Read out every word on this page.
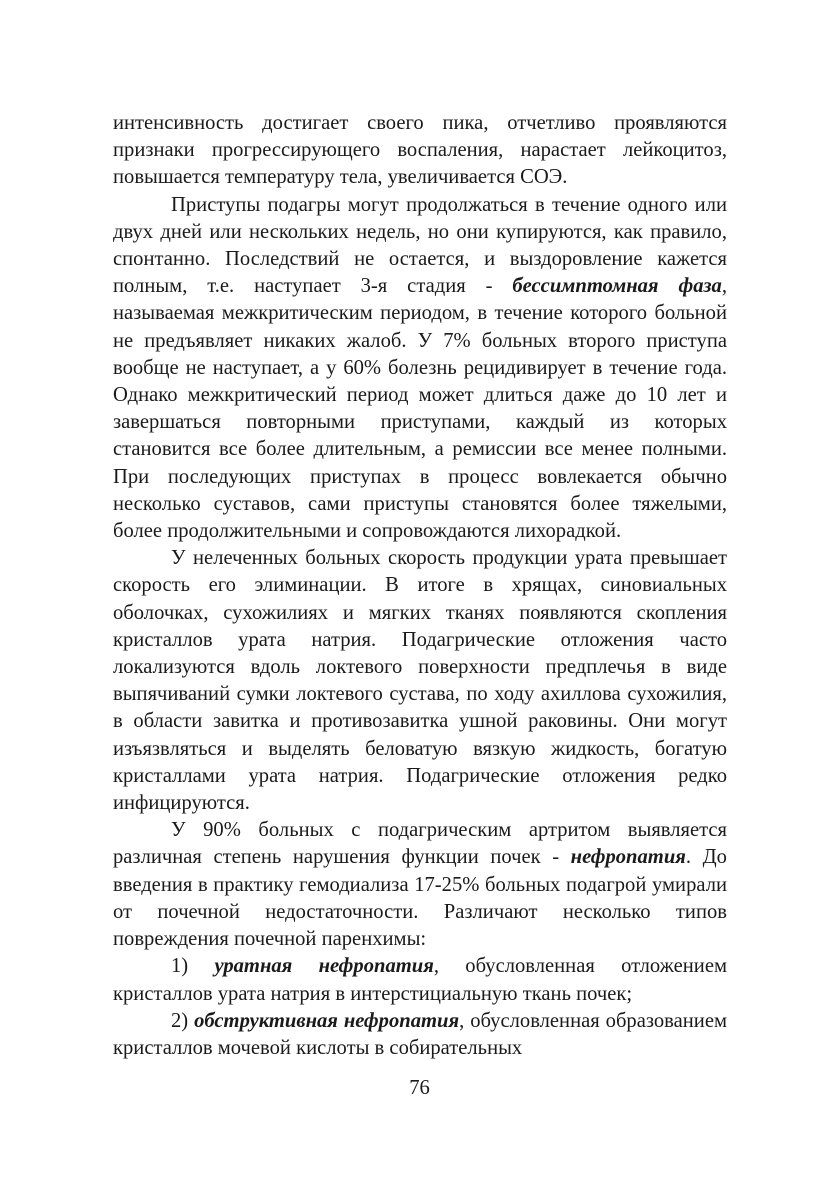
интенсивность достигает своего пика, отчетливо проявляются признаки прогрессирующего воспаления, нарастает лейкоцитоз, повышается температуру тела, увеличивается СОЭ.

Приступы подагры могут продолжаться в течение одного или двух дней или нескольких недель, но они купируются, как правило, спонтанно. Последствий не остается, и выздоровление кажется полным, т.е. наступает 3-я стадия - бессимптомная фаза, называемая межкритическим периодом, в течение которого больной не предъявляет никаких жалоб. У 7% больных второго приступа вообще не наступает, а у 60% болезнь рецидивирует в течение года. Однако межкритический период может длиться даже до 10 лет и завершаться повторными приступами, каждый из которых становится все более длительным, а ремиссии все менее полными. При последующих приступах в процесс вовлекается обычно несколько суставов, сами приступы становятся более тяжелыми, более продолжительными и сопровождаются лихорадкой.

У нелеченных больных скорость продукции урата превышает скорость его элиминации. В итоге в хрящах, синовиальных оболочках, сухожилиях и мягких тканях появляются скопления кристаллов урата натрия. Подагрические отложения часто локализуются вдоль локтевого поверхности предплечья в виде выпячиваний сумки локтевого сустава, по ходу ахиллова сухожилия, в области завитка и противозавитка ушной раковины. Они могут изъязвляться и выделять беловатую вязкую жидкость, богатую кристаллами урата натрия. Подагрические отложения редко инфицируются.

У 90% больных с подагрическим артритом выявляется различная степень нарушения функции почек - нефропатия. До введения в практику гемодиализа 17-25% больных подагрой умирали от почечной недостаточности. Различают несколько типов повреждения почечной паренхимы:

1) уратная нефропатия, обусловленная отложением кристаллов урата натрия в интерстициальную ткань почек;

2) обструктивная нефропатия, обусловленная образованием кристаллов мочевой кислоты в собирательных

76
